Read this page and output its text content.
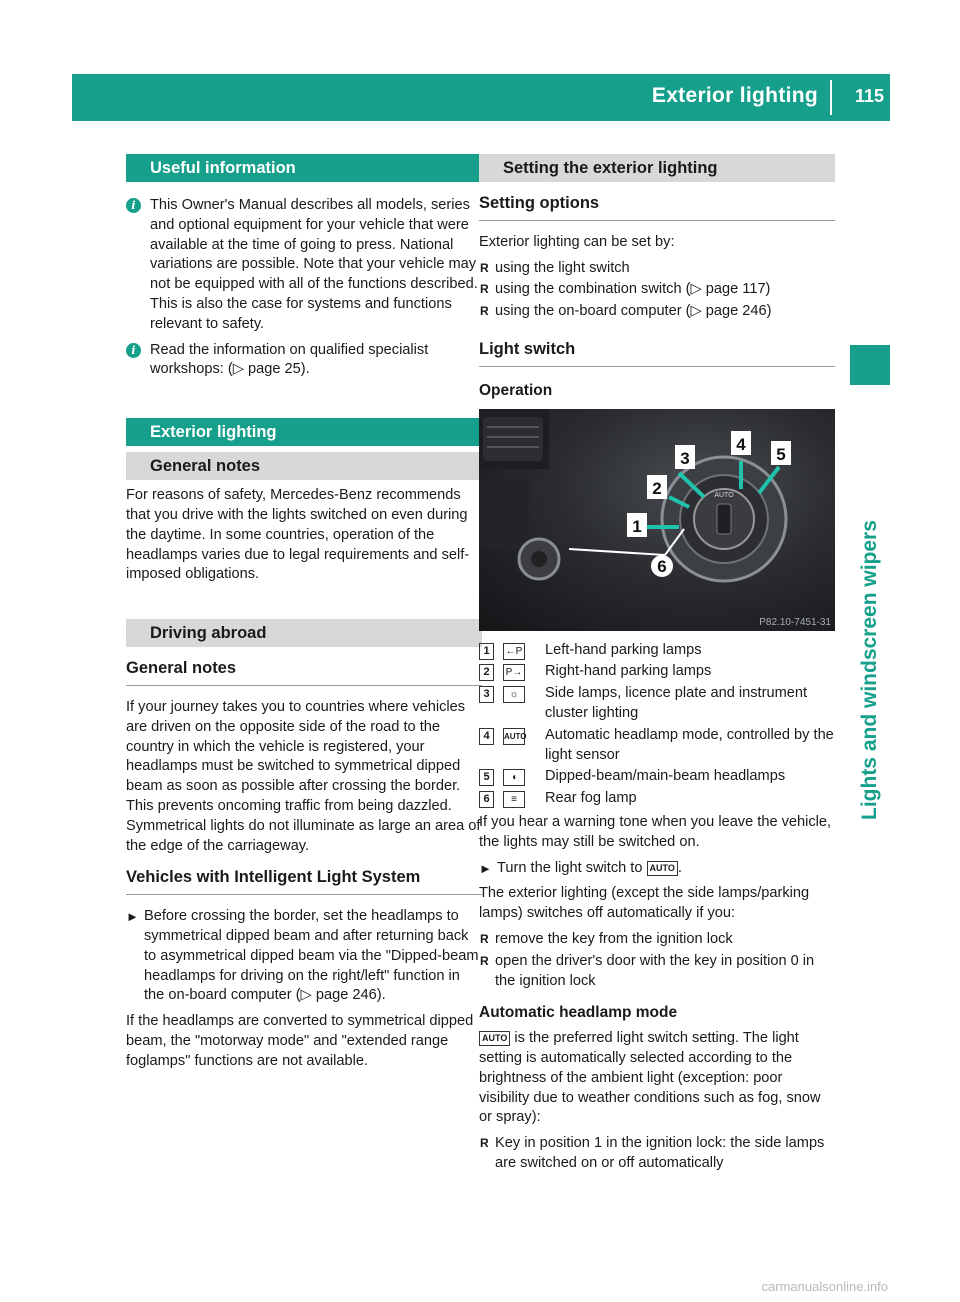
Exterior lighting 115
Lights and windscreen wipers
Useful information
i This Owner's Manual describes all models, series and optional equipment for your vehicle that were available at the time of going to press. National variations are possible. Note that your vehicle may not be equipped with all of the functions described. This is also the case for systems and functions relevant to safety.
i Read the information on qualified specialist workshops: (▷ page 25).
Exterior lighting
General notes

For reasons of safety, Mercedes-Benz recommends that you drive with the lights switched on even during the daytime. In some countries, operation of the headlamps varies due to legal requirements and self-imposed obligations.

Driving abroad
General notes

If your journey takes you to countries where vehicles are driven on the opposite side of the road to the country in which the vehicle is registered, your headlamps must be switched to symmetrical dipped beam as soon as possible after crossing the border. This prevents oncoming traffic from being dazzled. Symmetrical lights do not illuminate as large an area of the edge of the carriageway.

Vehicles with Intelligent Light System
► Before crossing the border, set the headlamps to symmetrical dipped beam and after returning back to asymmetrical dipped beam via the "Dipped-beam headlamps for driving on the right/left" function in the on-board computer (▷ page 246).

If the headlamps are converted to symmetrical dipped beam, the "motorway mode" and "extended range foglamps" functions are not available.

Setting the exterior lighting
Setting options

Exterior lighting can be set by:

R using the light switch
R using the combination switch (▷ page 117)
R using the on-board computer (▷ page 246)
Light switch
Operation
AUTO
1
2
3
4
5
6
P82.10-7451-31
1	←P Left-hand parking lamps
2	P→ Right-hand parking lamps
3	☼	Side lamps, licence plate and instrument cluster lighting
4	AUTO Automatic headlamp mode, controlled by the light sensor
5	◖	Dipped-beam/main-beam headlamps
6	≡	Rear fog lamp

If you hear a warning tone when you leave the vehicle, the lights may still be switched on.

► Turn the light switch to AUTO .

The exterior lighting (except the side lamps/parking lamps) switches off automatically if you:

R remove the key from the ignition lock
R open the driver's door with the key in position 0 in the ignition lock
Automatic headlamp mode

AUTO is the preferred light switch setting. The light setting is automatically selected according to the brightness of the ambient light (exception: poor visibility due to weather conditions such as fog, snow or spray):

R Key in position 1 in the ignition lock: the side lamps are switched on or off automatically
carmanualsonline.info
